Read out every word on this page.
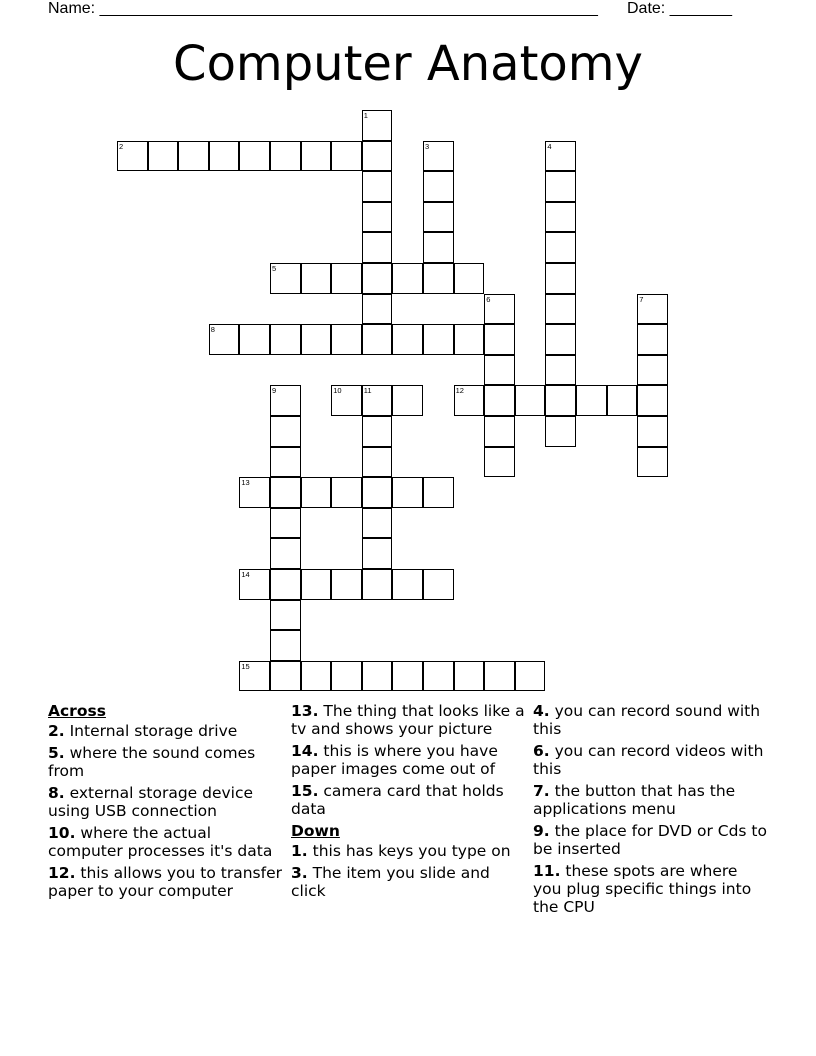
Name: ________________________________________________________ Date: _______
Computer Anatomy
2
5
8
10	12
13
14
15
1
3	4
6	7
9	11
Across
2. Internal storage drive
5. where the sound comes from
8. external storage device using USB connection
10. where the actual computer processes it's data
12. this allows you to transfer paper to your computer
13. The thing that looks like a tv and shows your picture
14. this is where you have paper images come out of
15. camera card that holds data
Down
1. this has keys you type on
3. The item you slide and click
4. you can record sound with this
6. you can record videos with this
7. the button that has the applications menu
9. the place for DVD or Cds to be inserted
11. these spots are where you plug specific things into the CPU
